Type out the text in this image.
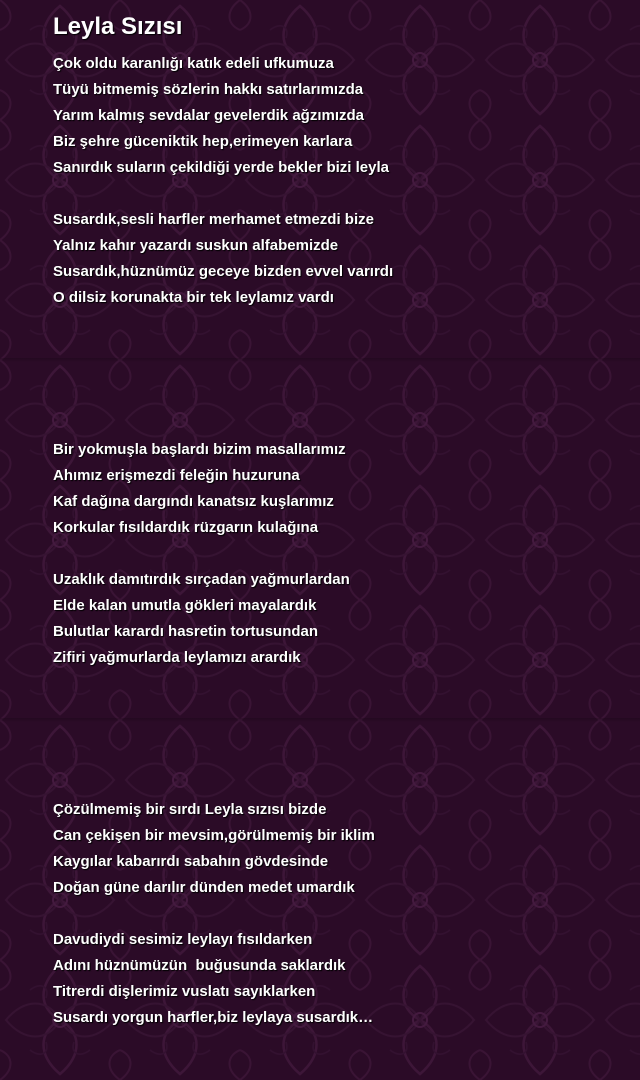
Leyla Sızısı
Çok oldu karanlığı katık edeli ufkumuza
Tüyü bitmemiş sözlerin hakkı satırlarımızda
Yarım kalmış sevdalar gevelerdik ağzımızda
Biz şehre güceniktik hep,erimeyen karlara
Sanırdık suların çekildiği yerde bekler bizi leyla
Susardık,sesli harfler merhamet etmezdi bize
Yalnız kahır yazardı suskun alfabemizde
Susardık,hüznümüz geceye bizden evvel varırdı
O dilsiz korunakta bir tek leylamız vardı
Bir yokmuşla başlardı bizim masallarımız
Ahımız erişmezdi feleğin huzuruna
Kaf dağına dargındı kanatsız kuşlarımız
Korkular fısıldardık rüzgarın kulağına
Uzaklık damıtırdık sırçadan yağmurlardan
Elde kalan umutla gökleri mayalardık
Bulutlar karardı hasretin tortusundan
Zifiri yağmurlarda leylamızı arardık
Çözülmemiş bir sırdı Leyla sızısı bizde
Can çekişen bir mevsim,görülmemiş bir iklim
Kaygılar kabarırdı sabahın gövdesinde
Doğan güne darılır dünden medet umardık
Davudiydi sesimiz leylayı fısıldarken
Adını hüznümüzün  buğusunda saklardık
Titrerdi dişlerimiz vuslatı sayıklarken
Susardı yorgun harfler,biz leylaya susardık…
